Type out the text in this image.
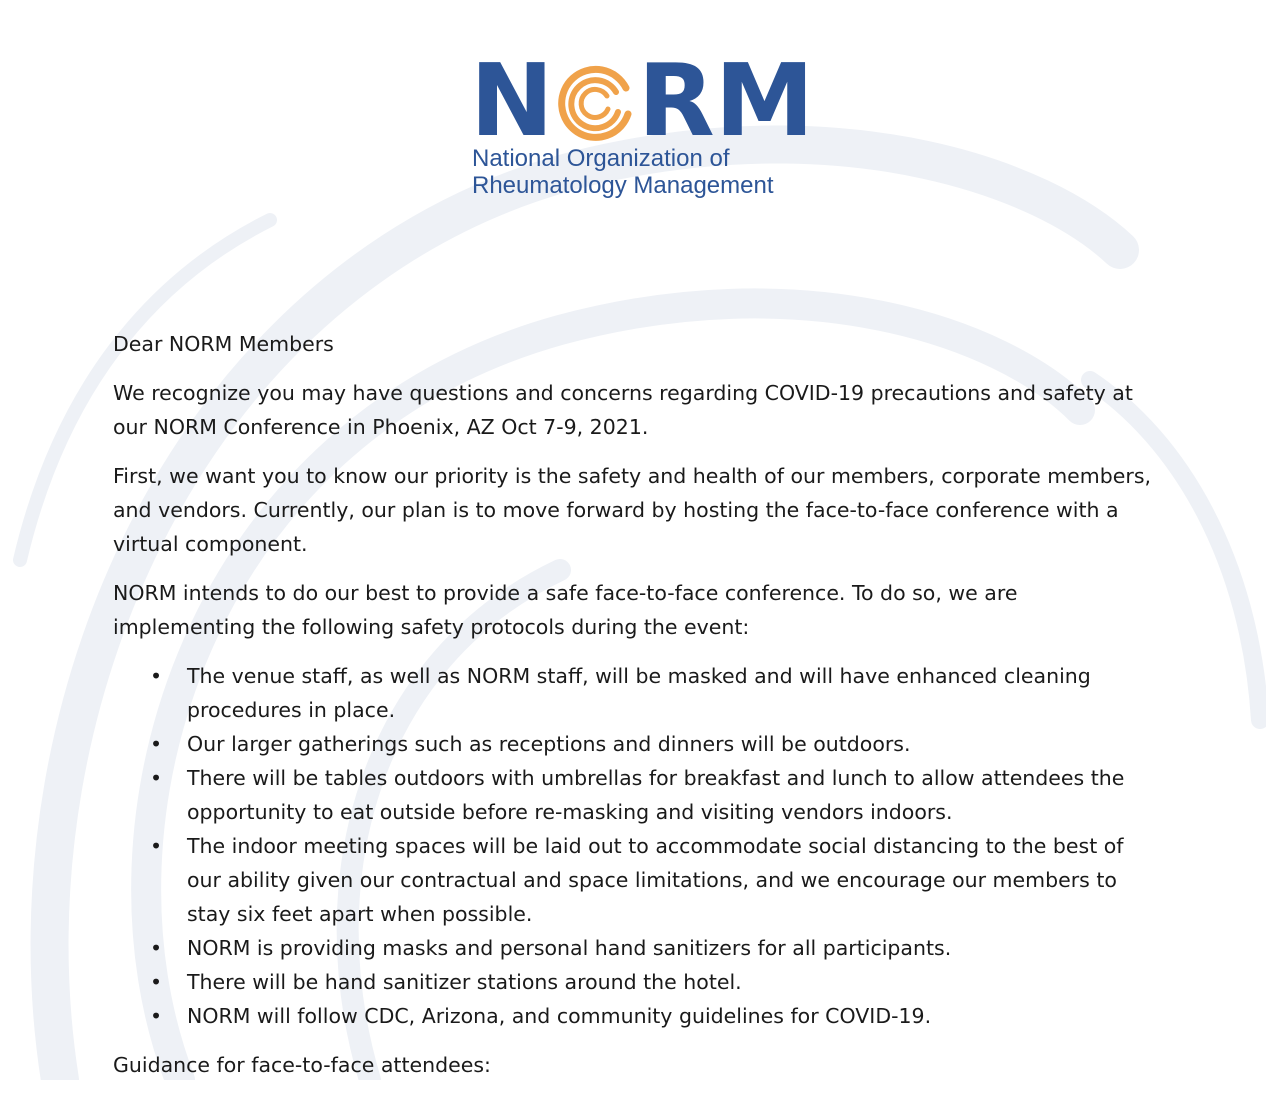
N RM
National Organization of
Rheumatology Management

Dear NORM Members

We recognize you may have questions and concerns regarding COVID-19 precautions and safety at our NORM Conference in Phoenix, AZ Oct 7-9, 2021.

First, we want you to know our priority is the safety and health of our members, corporate members, and vendors. Currently, our plan is to move forward by hosting the face-to-face conference with a virtual component.

NORM intends to do our best to provide a safe face-to-face conference. To do so, we are implementing the following safety protocols during the event:

• The venue staff, as well as NORM staff, will be masked and will have enhanced cleaning procedures in place.
• Our larger gatherings such as receptions and dinners will be outdoors.
• There will be tables outdoors with umbrellas for breakfast and lunch to allow attendees the opportunity to eat outside before re-masking and visiting vendors indoors.
• The indoor meeting spaces will be laid out to accommodate social distancing to the best of our ability given our contractual and space limitations, and we encourage our members to stay six feet apart when possible.
• NORM is providing masks and personal hand sanitizers for all participants.
• There will be hand sanitizer stations around the hotel.
• NORM will follow CDC, Arizona, and community guidelines for COVID-19.

Guidance for face-to-face attendees:
